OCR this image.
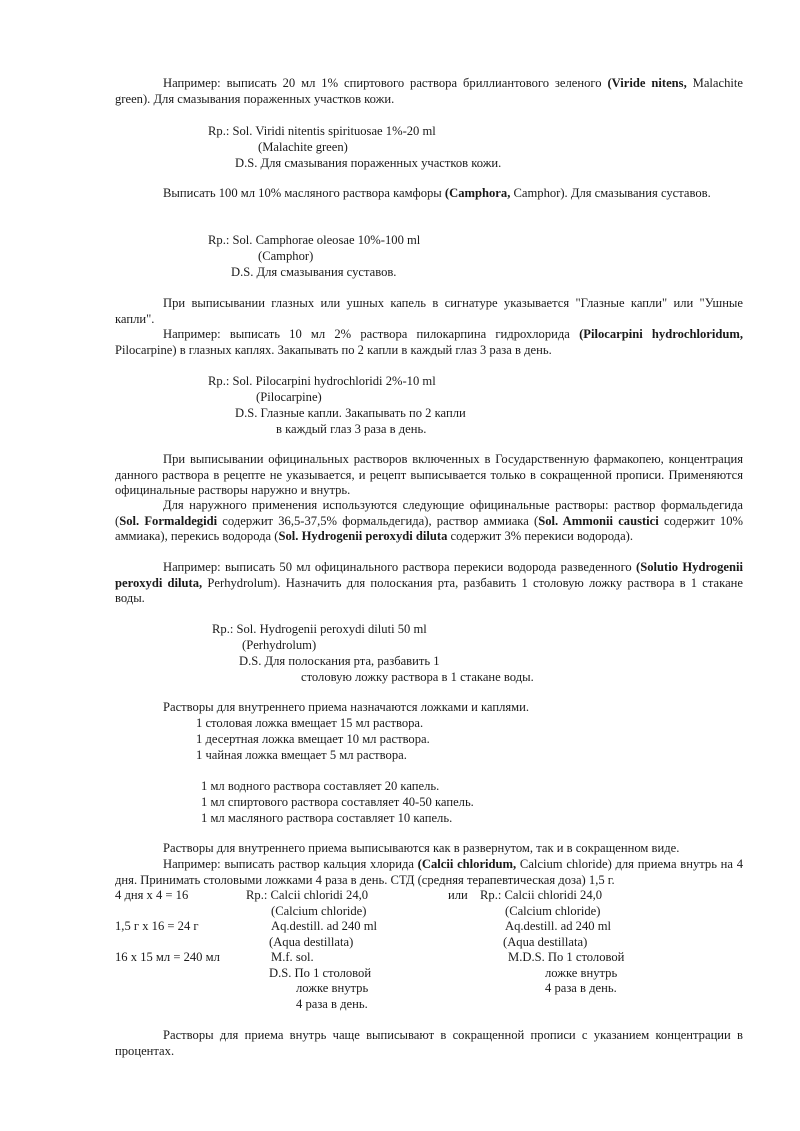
Например: выписать 20 мл 1% спиртового раствора бриллиантового зеленого (Viride nitens, Malachite green). Для смазывания пораженных участков кожи.

Rp.: Sol. Viridi nitentis spirituosae 1%-20 ml

(Malachite green)

D.S. Для смазывания пораженных участков кожи.

Выписать 100 мл 10% масляного раствора камфоры (Camphora, Camphor). Для смазывания суставов.

Rp.: Sol. Camphorae oleosae 10%-100 ml

(Camphor)

D.S. Для смазывания суставов.

При выписывании глазных или ушных капель в сигнатуре указывается "Глазные капли" или "Ушные капли".

Например: выписать 10 мл 2% раствора пилокарпина гидрохлорида (Pilocarpini hydrochloridum, Pilocarpine) в глазных каплях. Закапывать по 2 капли в каждый глаз 3 раза в день.

Rp.: Sol. Pilocarpini hydrochloridi 2%-10 ml

(Pilocarpine)

D.S. Глазные капли. Закапывать по 2 капли

в каждый глаз 3 раза в день.

При выписывании официнальных растворов включенных в Государственную фармакопею, концентрация данного раствора в рецепте не указывается, и рецепт выписывается только в сокращенной прописи. Применяются официнальные растворы наружно и внутрь.

Для наружного применения используются следующие официнальные растворы: раствор формальдегида (Sol. Formaldegidi содержит 36,5-37,5% формальдегида), раствор аммиака (Sol. Ammonii caustici содержит 10% аммиака), перекись водорода (Sol. Hydrogenii peroxydi diluta содержит 3% перекиси водорода).

Например: выписать 50 мл официнального раствора перекиси водорода разведенного (Solutio Hydrogenii peroxydi diluta, Perhydrolum). Назначить для полоскания рта, разбавить 1 столовую ложку раствора в 1 стакане воды.

Rp.: Sol. Hydrogenii peroxydi diluti 50 ml

(Perhydrolum)

D.S. Для полоскания рта, разбавить 1

столовую ложку раствора в 1 стакане воды.

Растворы для внутреннего приема назначаются ложками и каплями.

1 столовая ложка вмещает 15 мл раствора.

1 десертная ложка вмещает 10 мл раствора.

1 чайная ложка вмещает 5 мл раствора.

1 мл водного раствора составляет 20 капель.

1 мл спиртового раствора составляет 40-50 капель.

1 мл масляного раствора составляет 10 капель.

Растворы для внутреннего приема выписываются как в развернутом, так и в сокращенном виде.

Например: выписать раствор кальция хлорида (Calcii chloridum, Calcium chloride) для приема внутрь на 4 дня. Принимать столовыми ложками 4 раза в день. СТД (средняя терапевтическая доза) 1,5 г.

4 дня х 4 = 16

1,5 г х 16 = 24 г

16 х 15 мл = 240 мл

Rp.: Calcii chloridi 24,0

(Calcium chloride)

Aq.destill. ad 240 ml

(Aqua destillata)

M.f. sol.

D.S. По 1 столовой

ложке внутрь

4 раза в день.

или Rp.: Calcii chloridi 24,0

(Calcium chloride)

Aq.destill. ad 240 ml

(Aqua destillata)

M.D.S. По 1 столовой

ложке внутрь

4 раза в день.

Растворы для приема внутрь чаще выписывают в сокращенной прописи с указанием концентрации в процентах.
